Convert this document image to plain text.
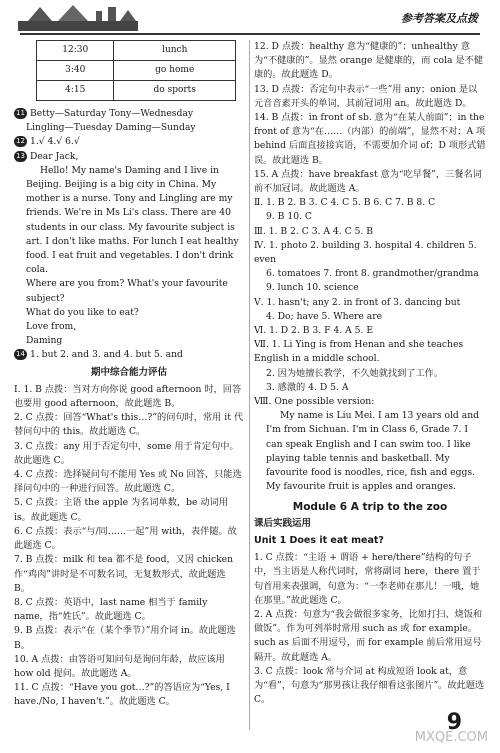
参考答案及点拨
12:30	lunch
3:40	go home
4:15	do sports

11 Betty—Saturday Tony—Wednesday

Lingling—Tuesday Daming—Sunday

12 1.√ 4.√ 6.√

13 Dear Jack,

Hello! My name's Daming and I live in Beijing. Beijing is a big city in China. My mother is a nurse. Tony and Lingling are my friends. We're in Ms Li's class. There are 40 students in our class. My favourite subject is art. I don't like maths. For lunch I eat healthy food. I eat fruit and vegetables. I don't drink cola.

Where are you from? What's your favourite subject?

What do you like to eat?

Love from,

Daming

14 1. but 2. and 3. and 4. but 5. and

期中综合能力评估

Ⅰ. 1. B 点拨：当对方向你说 good afternoon 时，回答也要用 good afternoon，故此题选 B。

2. C 点拨：回答“What's this…?”的问句时，常用 it 代替问句中的 this。故此题选 C。

3. C 点拨：any 用于否定句中，some 用于肯定句中。故此题选 C。

4. C 点拨：选择疑问句不能用 Yes 或 No 回答，只能选择问句中的一种进行回答。故此题选 C。

5. C 点拨：主语 the apple 为名词单数，be 动词用 is。故此题选 C。

6. C 点拨：表示“与/同……一起”用 with，表伴随。故此题选 C。

7. B 点拨：milk 和 tea 都不是 food，又因 chicken 作“鸡肉”讲时是不可数名词，无复数形式，故此题选 B。

8. C 点拨：英语中，last name 相当于 family name，指“姓氏”。故此题选 C。

9. B 点拨：表示“在（某个季节）”用介词 in。故此题选 B。

10. A 点拨：由答语可知问句是询问年龄，故应该用 how old 提问。故此题选 A。

11. C 点拨：“Have you got…?”的答语应为“Yes, I have./No, I haven't.”。故此题选 C。

12. D 点拨：healthy 意为“健康的”；unhealthy 意为“不健康的”。显然 orange 是健康的，而 cola 是不健康的。故此题选 D。

13. D 点拨：否定句中表示“一些”用 any；onion 是以元音音素开头的单词，其前冠词用 an。故此题选 D。

14. B 点拨：in front of sb. 意为“在某人前面”；in the front of 意为“在……（内部）的前端”，显然不对；A 项 behind 后面直接接宾语，不需要加介词 of；D 项形式错误。故此题选 B。

15. A 点拨：have breakfast 意为“吃早餐”，三餐名词前不加冠词。故此题选 A。

Ⅱ. 1. B 2. B 3. C 4. C 5. B 6. C 7. B 8. C

9. B 10. C

Ⅲ. 1. B 2. C 3. A 4. C 5. B

Ⅳ. 1. photo 2. building 3. hospital 4. children 5. even

6. tomatoes 7. front 8. grandmother/grandma

9. lunch 10. science

Ⅴ. 1. hasn't; any 2. in front of 3. dancing but

4. Do; have 5. Where are

Ⅵ. 1. D 2. B 3. F 4. A 5. E

Ⅶ. 1. Li Ying is from Henan and she teaches English in a middle school.

2. 因为她擅长教学，不久她就找到了工作。

3. 感激的 4. D 5. A

Ⅷ. One possible version:

My name is Liu Mei. I am 13 years old and I'm from Sichuan. I'm in Class 6, Grade 7. I can speak English and I can swim too. I like playing table tennis and basketball. My favourite food is noodles, rice, fish and eggs. My favourite fruit is apples and oranges.

Module 6 A trip to the zoo
课后实践运用
Unit 1 Does it eat meat?

1. C 点拨：“主语 + 谓语 + here/there”结构的句子中，当主语是人称代词时，常将副词 here，there 置于句首用来表强调，句意为：“一李老师在那儿！一哦，她在那里。”故此题选 C。

2. A 点拨：句意为“我会做很多家务，比如打扫、烧饭和做饭”。作为可列举时常用 such as 或 for example。such as 后面不用逗号，而 for example 前后常用逗号隔开。故此题选 A。

3. C 点拨：look 常与介词 at 构成短语 look at，意为“看”，句意为“那男孩让我仔细看这张图片”。故此题选 C。

9
MXQE.COM
